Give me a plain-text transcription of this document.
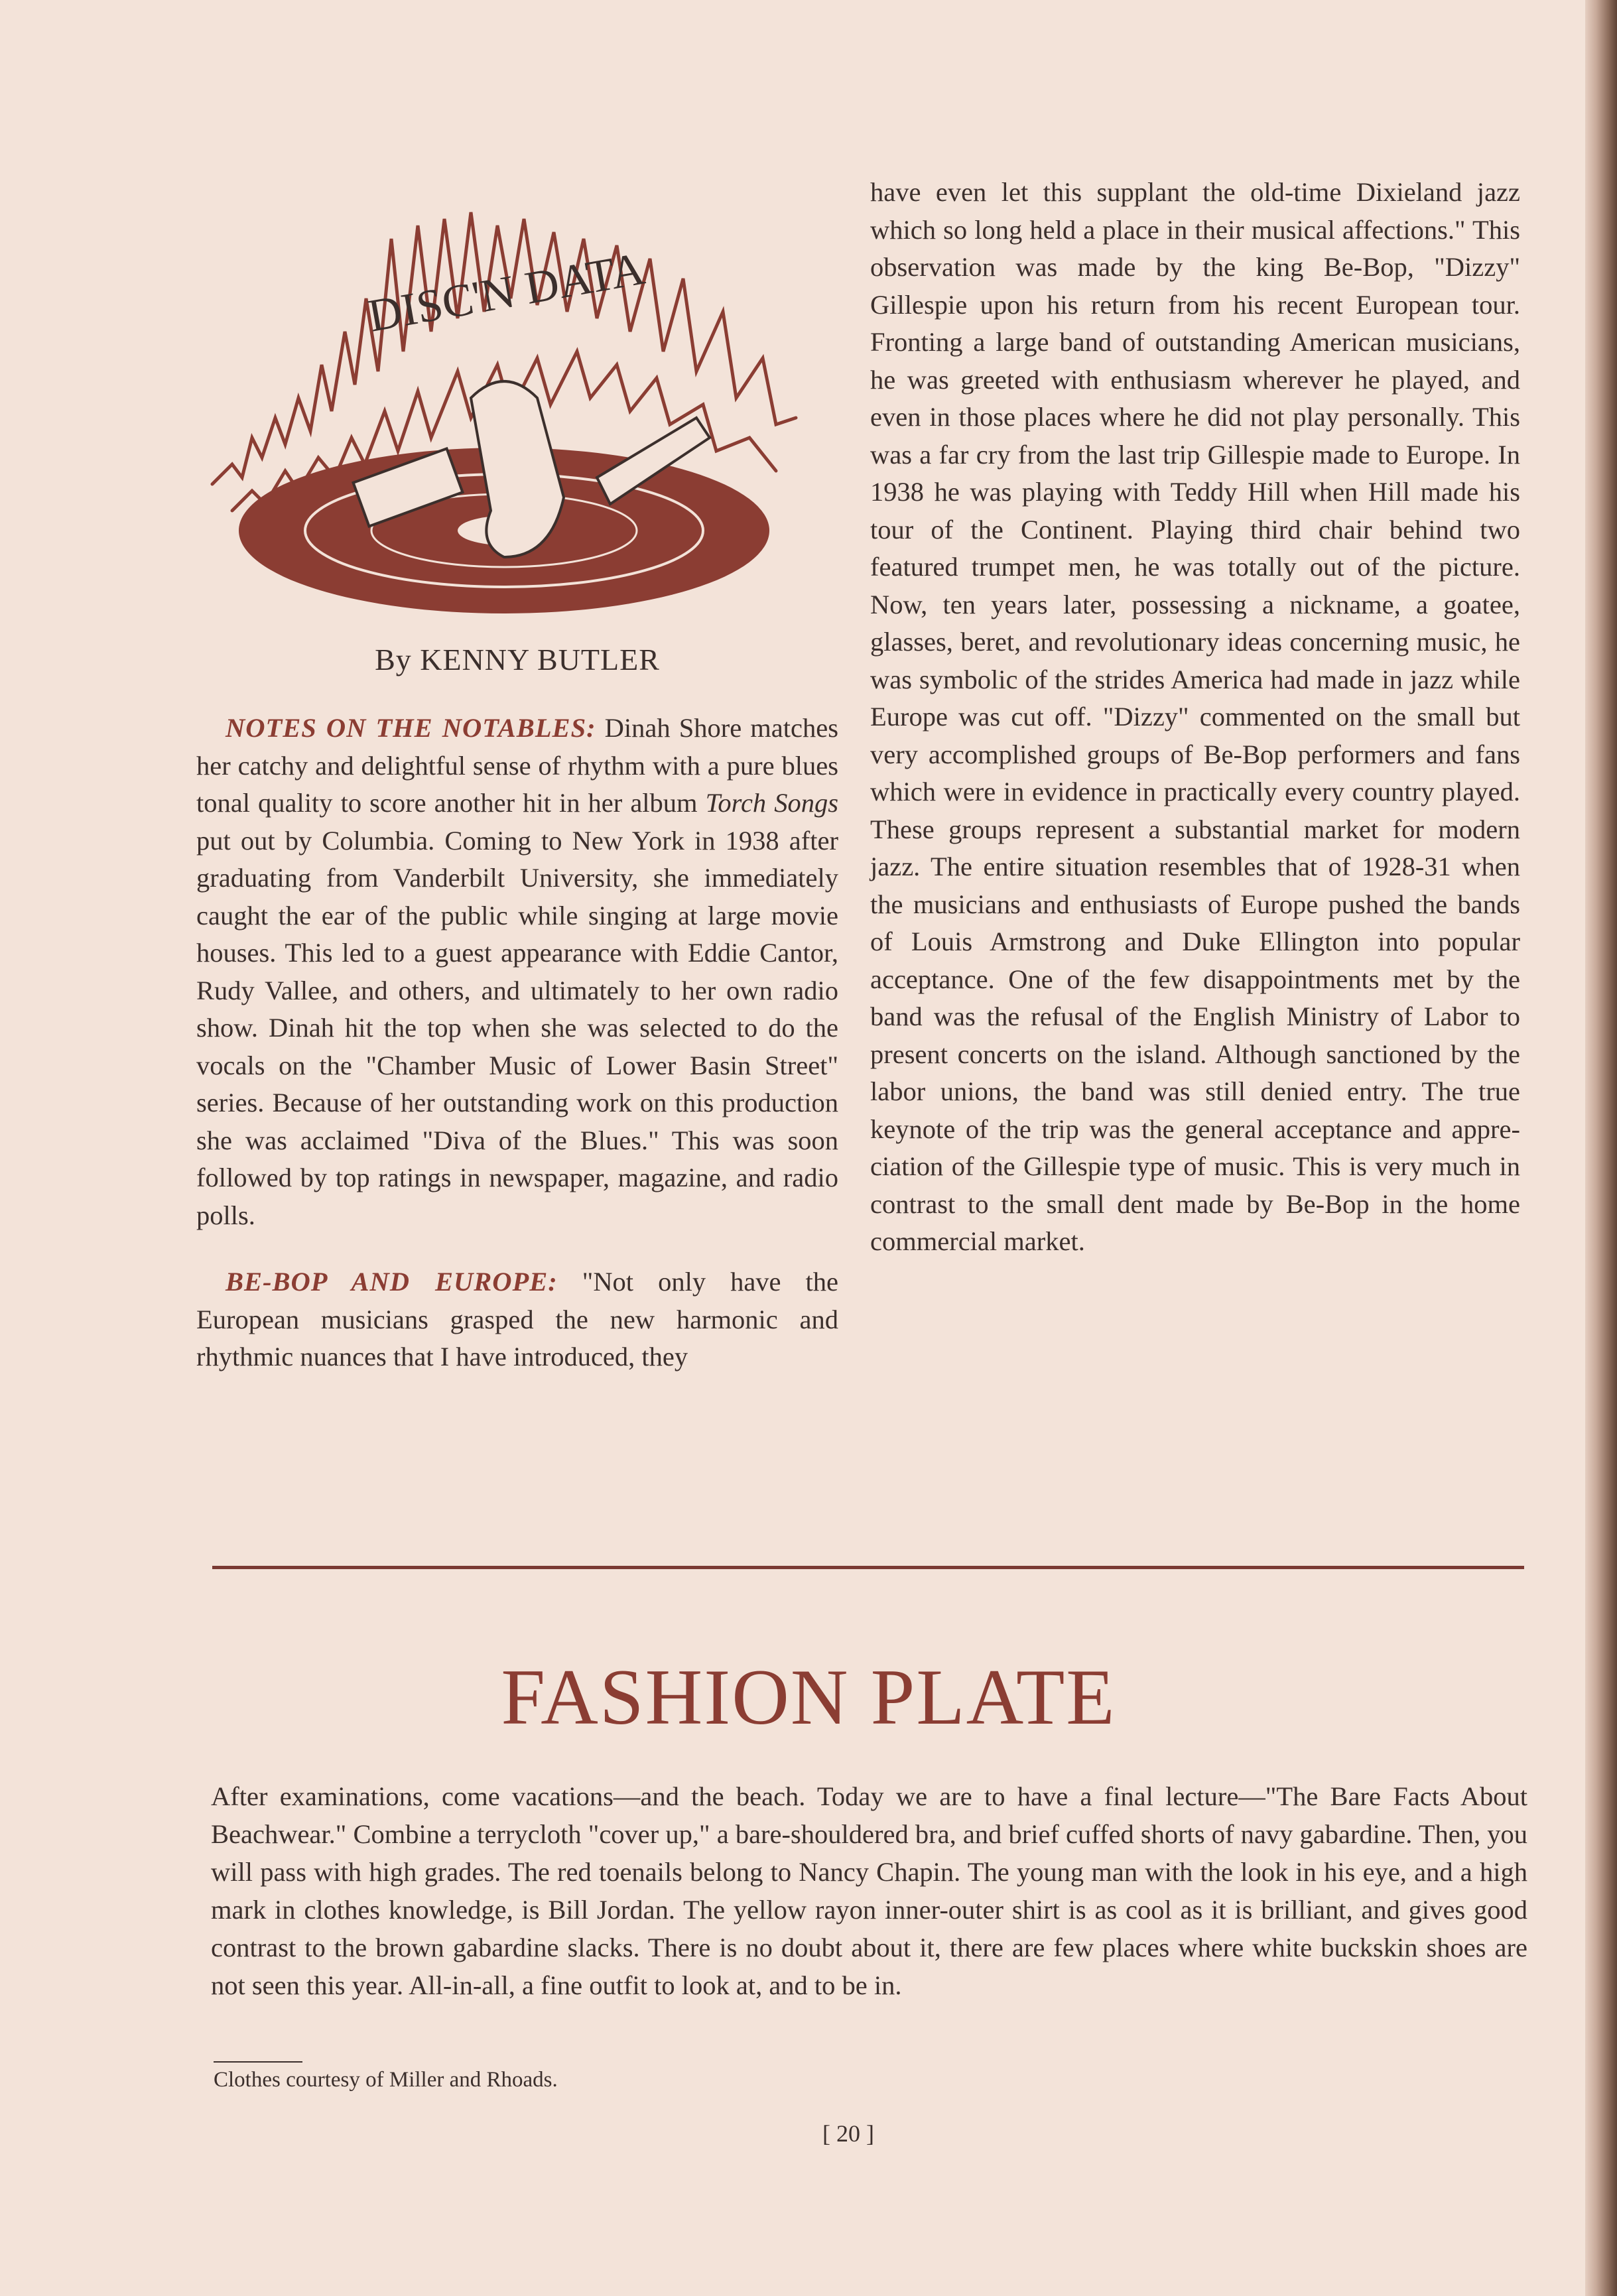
DISC'N DATA
By KENNY BUTLER

NOTES ON THE NOTABLES: Dinah Shore matches her catchy and delightful sense of rhythm with a pure blues tonal quality to score another hit in her album Torch Songs put out by Columbia. Coming to New York in 1938 after graduating from Vanderbilt University, she immediately caught the ear of the public while singing at large movie houses. This led to a guest appearance with Eddie Cantor, Rudy Vallee, and others, and ultimately to her own radio show. Dinah hit the top when she was selected to do the vocals on the "Chamber Music of Lower Basin Street" series. Because of her outstanding work on this production she was acclaimed "Diva of the Blues." This was soon followed by top ratings in newspaper, magazine, and radio polls.

BE-BOP AND EUROPE: "Not only have the European musicians grasped the new harmonic and rhythmic nuances that I have introduced, they

have even let this supplant the old-time Dixieland jazz which so long held a place in their musical affections." This observation was made by the king Be-Bop, "Dizzy" Gillespie upon his return from his recent European tour. Fronting a large band of outstanding American musicians, he was greeted with enthusiasm wherever he played, and even in those places where he did not play personally. This was a far cry from the last trip Gillespie made to Europe. In 1938 he was playing with Teddy Hill when Hill made his tour of the Continent. Playing third chair behind two featured trumpet men, he was totally out of the picture. Now, ten years later, possessing a nickname, a goatee, glasses, beret, and revolutionary ideas concerning music, he was symbolic of the strides America had made in jazz while Europe was cut off. "Dizzy" commented on the small but very accomplished groups of Be-Bop performers and fans which were in evidence in practically every country played. These groups represent a substantial market for modern jazz. The entire situation resembles that of 1928-31 when the musicians and enthusiasts of Europe pushed the bands of Louis Armstrong and Duke Ellington into popular acceptance. One of the few disappointments met by the band was the refusal of the English Ministry of Labor to present concerts on the island. Although sanctioned by the labor unions, the band was still denied entry. The true keynote of the trip was the general acceptance and appreciation of the Gillespie type of music. This is very much in contrast to the small dent made by Be-Bop in the home commercial market.

FASHION PLATE
After examinations, come vacations—and the beach. Today we are to have a final lecture—"The Bare Facts About Beachwear." Combine a terrycloth "cover up," a bare-shouldered bra, and brief cuffed shorts of navy gabardine. Then, you will pass with high grades. The red toenails belong to Nancy Chapin. The young man with the look in his eye, and a high mark in clothes knowledge, is Bill Jordan. The yellow rayon inner-outer shirt is as cool as it is brilliant, and gives good contrast to the brown gabardine slacks. There is no doubt about it, there are few places where white buckskin shoes are not seen this year. All-in-all, a fine outfit to look at, and to be in.
Clothes courtesy of Miller and Rhoads.
[ 20 ]
